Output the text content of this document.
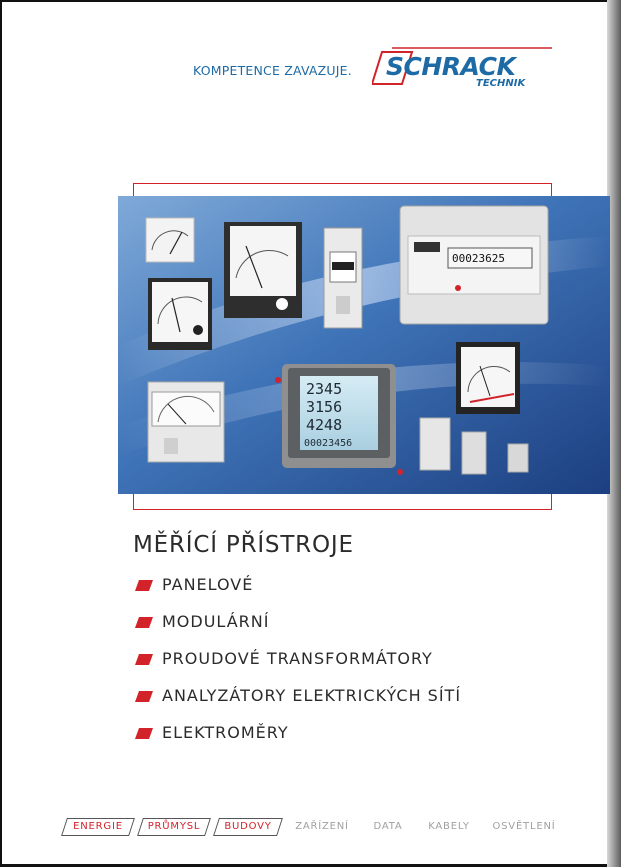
KOMPETENCE ZAVAZUJE. SCHRACK
TECHNIK
00023625
2345
3156
4248
00023456
MĚŘÍCÍ PŘÍSTROJE
PANELOVÉ
MODULÁRNÍ
PROUDOVÉ TRANSFORMÁTORY
ANALYZÁTORY ELEKTRICKÝCH SÍTÍ
ELEKTROMĚRY
ENERGIE	PRŮMYSL	BUDOVY	ZAŘÍZENÍ	DATA	KABELY	OSVĚTLENÍ
